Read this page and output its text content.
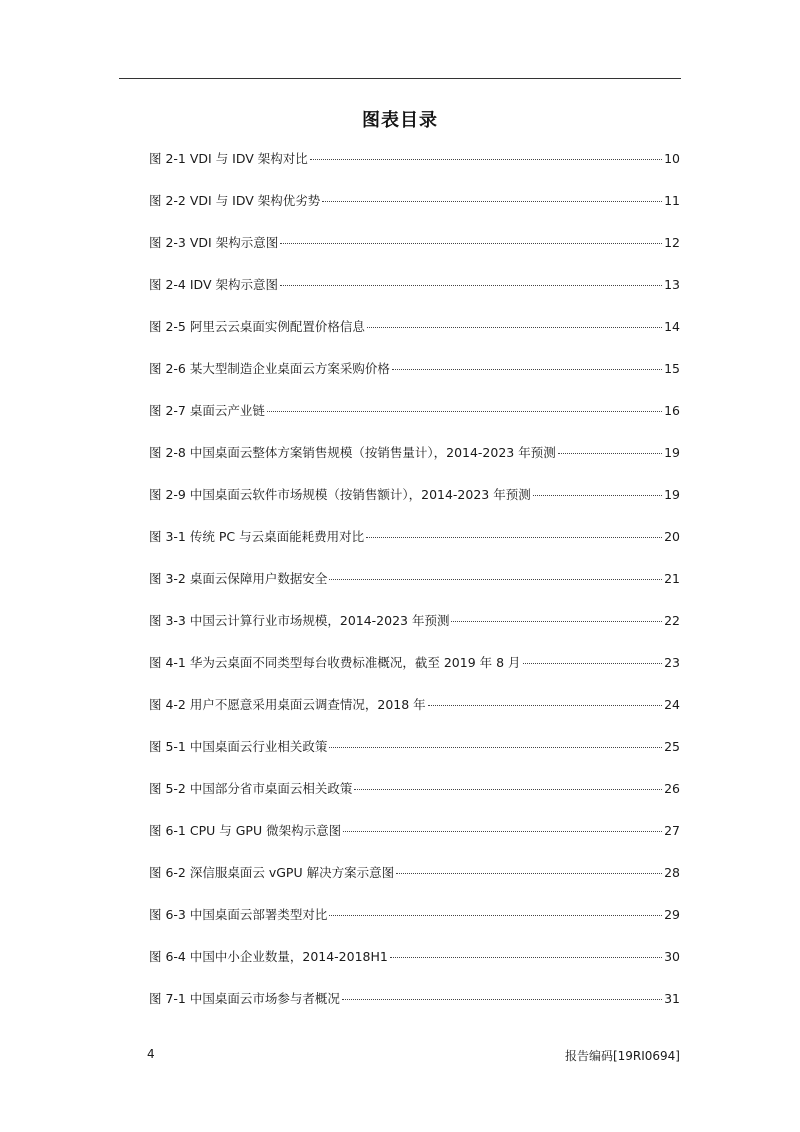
图表目录
图 2-1 VDI 与 IDV 架构对比	10
图 2-2 VDI 与 IDV 架构优劣势	11
图 2-3 VDI 架构示意图	12
图 2-4 IDV 架构示意图	13
图 2-5 阿里云云桌面实例配置价格信息	14
图 2-6 某大型制造企业桌面云方案采购价格	15
图 2-7 桌面云产业链	16
图 2-8 中国桌面云整体方案销售规模（按销售量计），2014-2023 年预测	19
图 2-9 中国桌面云软件市场规模（按销售额计），2014-2023 年预测	19
图 3-1 传统 PC 与云桌面能耗费用对比	20
图 3-2 桌面云保障用户数据安全	21
图 3-3 中国云计算行业市场规模，2014-2023 年预测	22
图 4-1 华为云桌面不同类型每台收费标准概况，截至 2019 年 8 月	23
图 4-2 用户不愿意采用桌面云调查情况，2018 年	24
图 5-1 中国桌面云行业相关政策	25
图 5-2 中国部分省市桌面云相关政策	26
图 6-1 CPU 与 GPU 微架构示意图	27
图 6-2 深信服桌面云 vGPU 解决方案示意图	28
图 6-3 中国桌面云部署类型对比	29
图 6-4 中国中小企业数量，2014-2018H1	30
图 7-1 中国桌面云市场参与者概况	31
4	报告编码[19RI0694]
